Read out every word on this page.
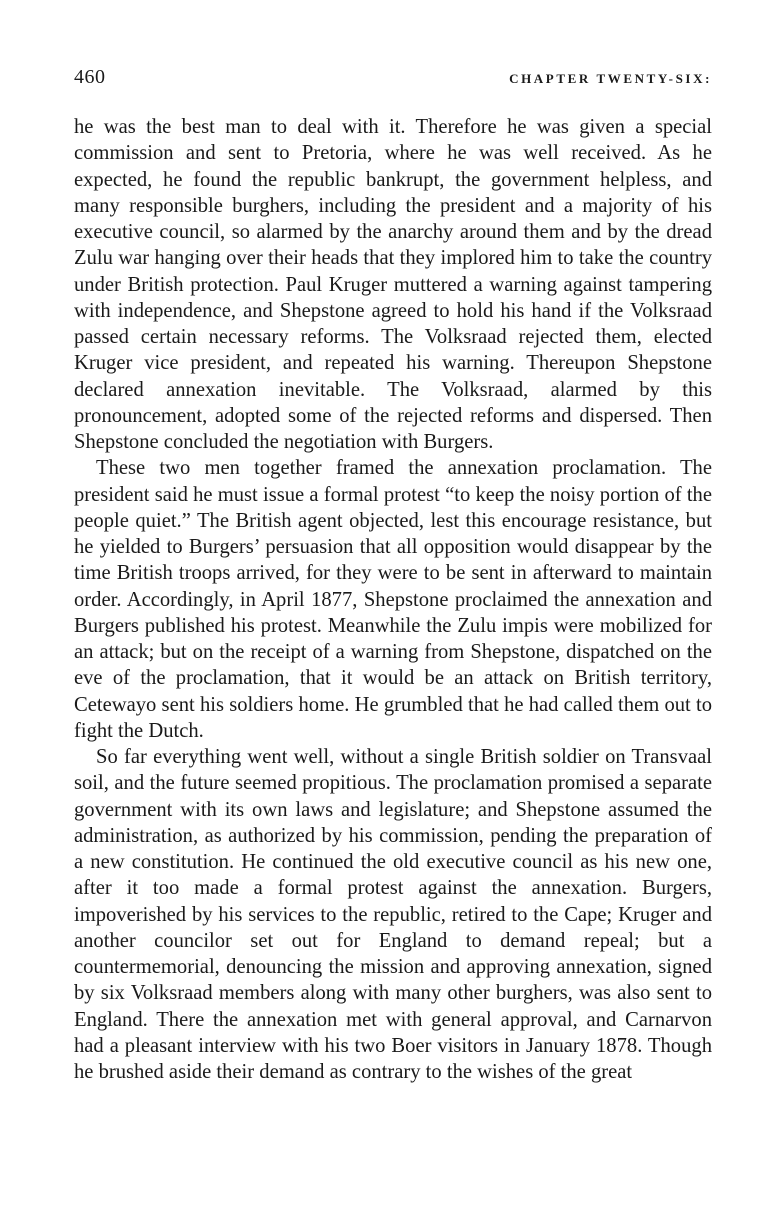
460	CHAPTER TWENTY-SIX:

he was the best man to deal with it. Therefore he was given a special commission and sent to Pretoria, where he was well received. As he expected, he found the republic bankrupt, the government helpless, and many responsible burghers, including the president and a majority of his executive council, so alarmed by the anarchy around them and by the dread Zulu war hanging over their heads that they implored him to take the country under British protection. Paul Kruger muttered a warning against tampering with independence, and Shepstone agreed to hold his hand if the Volksraad passed certain necessary reforms. The Volksraad rejected them, elected Kruger vice president, and repeated his warning. Thereupon Shepstone declared annexation inevitable. The Volksraad, alarmed by this pronouncement, adopted some of the rejected reforms and dispersed. Then Shepstone concluded the negotiation with Burgers.

These two men together framed the annexation proclamation. The president said he must issue a formal protest “to keep the noisy portion of the people quiet.” The British agent objected, lest this encourage resistance, but he yielded to Burgers’ persuasion that all opposition would disappear by the time British troops arrived, for they were to be sent in afterward to maintain order. Accordingly, in April 1877, Shepstone proclaimed the annexation and Burgers published his protest. Meanwhile the Zulu impis were mobilized for an attack; but on the receipt of a warning from Shepstone, dispatched on the eve of the proclamation, that it would be an attack on British territory, Cetewayo sent his soldiers home. He grumbled that he had called them out to fight the Dutch.

So far everything went well, without a single British soldier on Transvaal soil, and the future seemed propitious. The proclamation promised a separate government with its own laws and legislature; and Shepstone assumed the administration, as authorized by his commission, pending the preparation of a new constitution. He continued the old executive council as his new one, after it too made a formal protest against the annexation. Burgers, impoverished by his services to the republic, retired to the Cape; Kruger and another councilor set out for England to demand repeal; but a countermemorial, denouncing the mission and approving annexation, signed by six Volksraad members along with many other burghers, was also sent to England. There the annexation met with general approval, and Carnarvon had a pleasant interview with his two Boer visitors in January 1878. Though he brushed aside their demand as contrary to the wishes of the great
